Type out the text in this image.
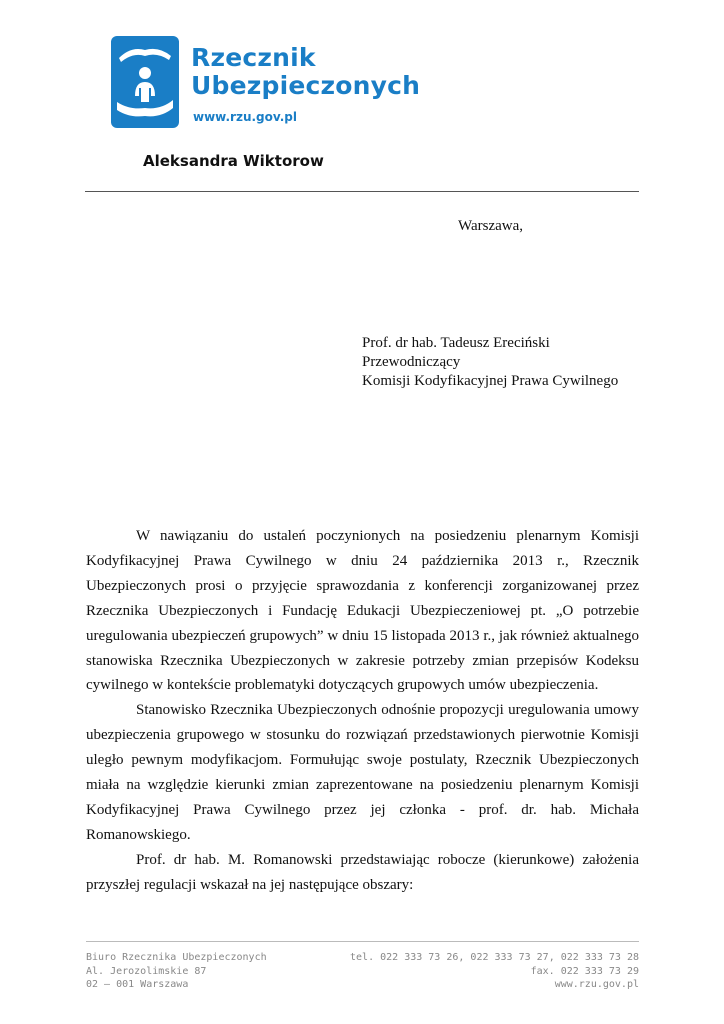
Rzecznik
Ubezpieczonych
www.rzu.gov.pl
Aleksandra Wiktorow
Warszawa,
Prof. dr hab. Tadeusz Ereciński
Przewodniczący
Komisji Kodyfikacyjnej Prawa Cywilnego

W nawiązaniu do ustaleń poczynionych na posiedzeniu plenarnym Komisji Kodyfikacyjnej Prawa Cywilnego w dniu 24 października 2013 r., Rzecznik Ubezpieczonych prosi o przyjęcie sprawozdania z konferencji zorganizowanej przez Rzecznika Ubezpieczonych i Fundację Edukacji Ubezpieczeniowej pt. „O potrzebie uregulowania ubezpieczeń grupowych” w dniu 15 listopada 2013 r., jak również aktualnego stanowiska Rzecznika Ubezpieczonych w zakresie potrzeby zmian przepisów Kodeksu cywilnego w kontekście problematyki dotyczących grupowych umów ubezpieczenia.

Stanowisko Rzecznika Ubezpieczonych odnośnie propozycji uregulowania umowy ubezpieczenia grupowego w stosunku do rozwiązań przedstawionych pierwotnie Komisji uległo pewnym modyfikacjom. Formułując swoje postulaty, Rzecznik Ubezpieczonych miała na względzie kierunki zmian zaprezentowane na posiedzeniu plenarnym Komisji Kodyfikacyjnej Prawa Cywilnego przez jej członka - prof. dr. hab. Michała Romanowskiego.

Prof. dr hab. M. Romanowski przedstawiając robocze (kierunkowe) założenia przyszłej regulacji wskazał na jej następujące obszary:

Biuro Rzecznika Ubezpieczonych
Al. Jerozolimskie 87
02 – 001 Warszawa
tel. 022 333 73 26, 022 333 73 27, 022 333 73 28
fax. 022 333 73 29
www.rzu.gov.pl
